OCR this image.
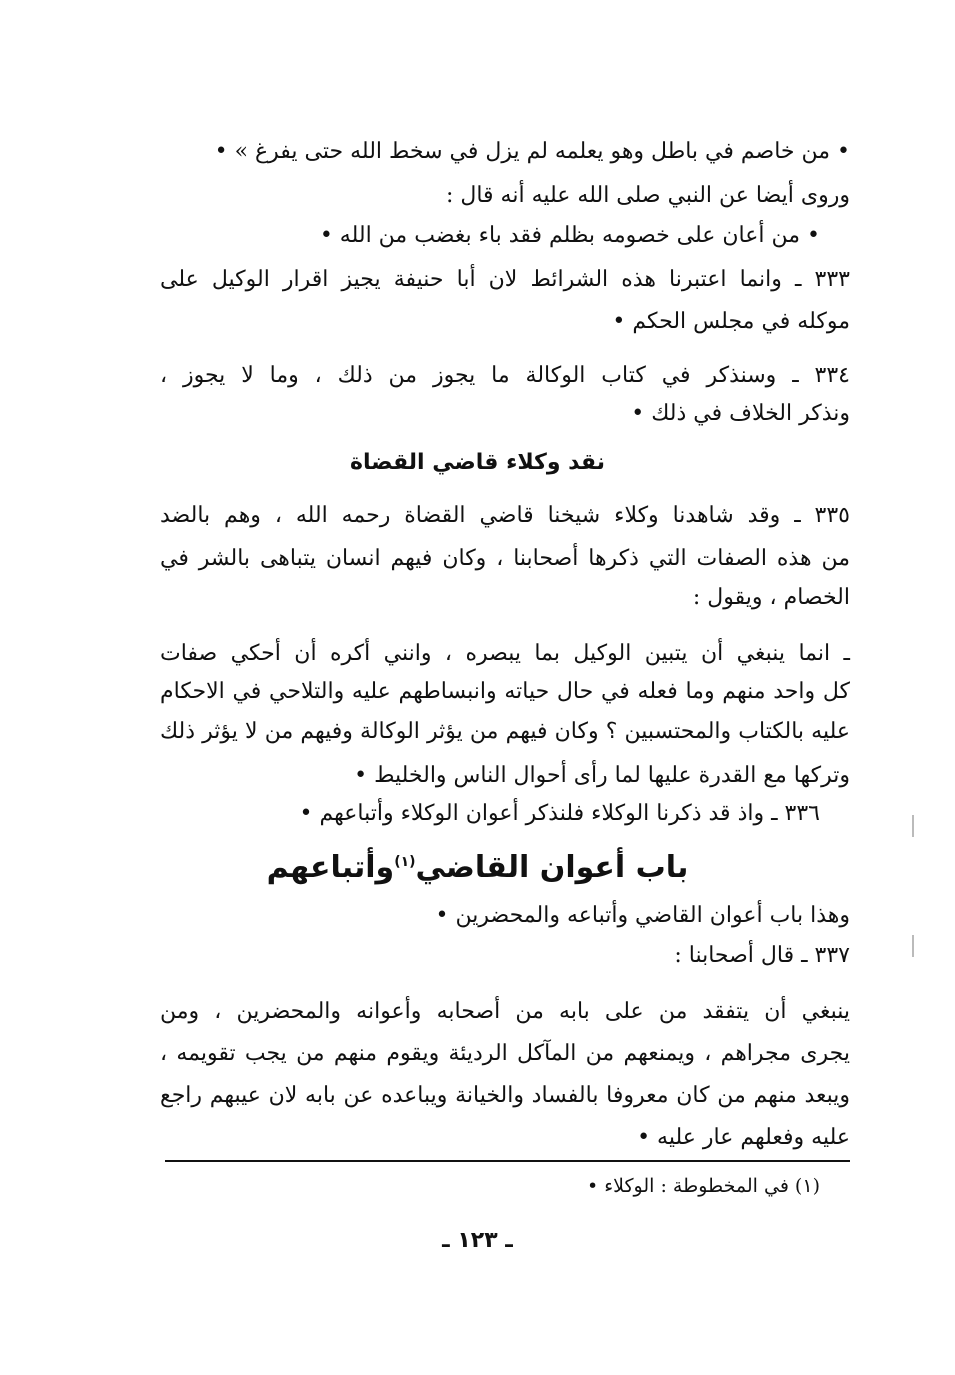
• من خاصم في باطل وهو يعلمه لم يزل في سخط الله حتى يفرغ » •
وروى أيضا عن النبي صلى الله عليه أنه قال :
• من أعان على خصومه بظلم فقد باء بغضب من الله •
٣٣٣ ـ وانما اعتبرنا هذه الشرائط لان أبا حنيفة يجيز اقرار الوكيل على
موكله في مجلس الحكم •
٣٣٤ ـ وسنذكر في كتاب الوكالة ما يجوز من ذلك ، وما لا يجوز ،
ونذكر الخلاف في ذلك •
نقد وكلاء قاضي القضاة
٣٣٥ ـ وقد شاهدنا وكلاء شيخنا قاضي القضاة رحمه الله ، وهم بالضد
من هذه الصفات التي ذكرها أصحابنا ، وكان فيهم انسان يتباهى بالشر في
الخصام ، ويقول :
ـ انما ينبغي أن يتبين الوكيل بما يبصره ، وانني أكره أن أحكي صفات
كل واحد منهم وما فعله في حال حياته وانبساطهم عليه والتلاحي في الاحكام
عليه بالكتاب والمحتسبين ؟ وكان فيهم من يؤثر الوكالة وفيهم من لا يؤثر ذلك
وتركها مع القدرة عليها لما رأى أحوال الناس والخليط •
٣٣٦ ـ واذ قد ذكرنا الوكلاء فلنذكر أعوان الوكلاء وأتباعهم •
باب أعوان القاضي$^{(١)}$وأتباعهم
وهذا باب أعوان القاضي وأتباعه والمحضرين •
٣٣٧ ـ قال أصحابنا :
ينبغي أن يتفقد من على بابه من أصحابه وأعوانه والمحضرين ، ومن
يجرى مجراهم ، ويمنعهم من المآكل الرديئة ويقوم منهم من يجب تقويمه ،
ويبعد منهم من كان معروفا بالفساد والخيانة ويباعده عن بابه لان عيبهم راجع
عليه وفعلهم عار عليه •
(١) في المخطوطة : الوكلاء •
ـ ١٢٣ ـ
